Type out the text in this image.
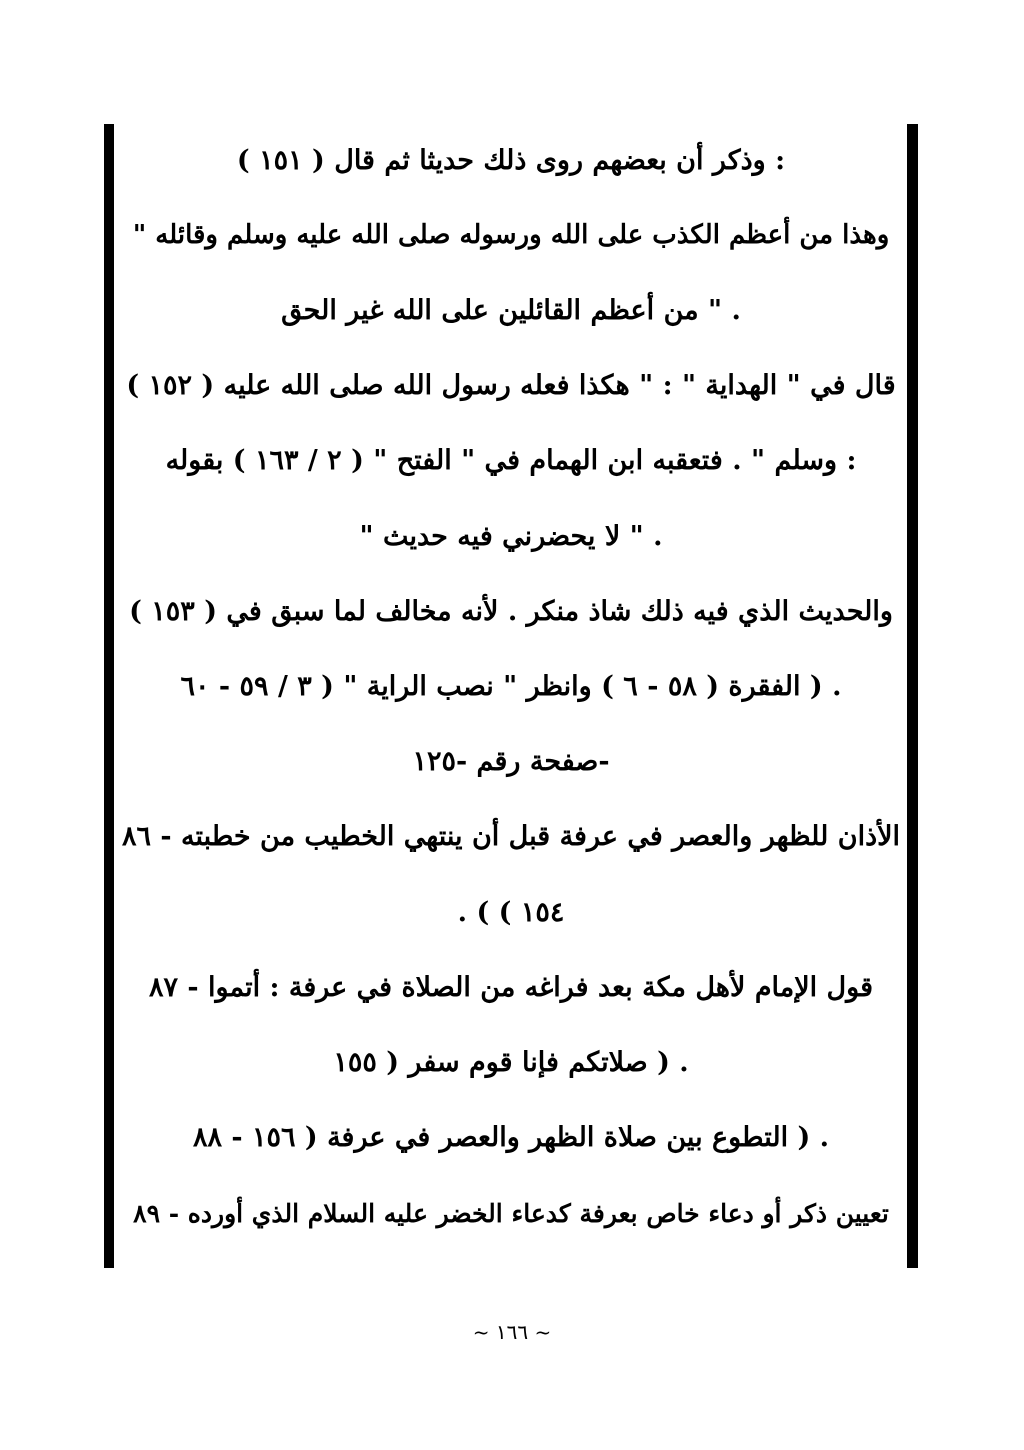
: وذكر أن بعضهم روى ذلك حديثا ثم قال ( ١٥١ )
وهذا من أعظم الكذب على الله ورسوله صلى الله عليه وسلم وقائله "
. " من أعظم القائلين على الله غير الحق
قال في " الهداية " : " هكذا فعله رسول الله صلى الله عليه ( ١٥٢ )
: وسلم " . فتعقبه ابن الهمام في " الفتح " ( ٢ / ١٦٣ ) بقوله
. " لا يحضرني فيه حديث "
والحديث الذي فيه ذلك شاذ منكر . لأنه مخالف لما سبق في ( ١٥٣ )
. ( الفقرة ( ٥٨ - ٦ ) وانظر " نصب الراية " ( ٣ / ٥٩ - ٦٠
-صفحة رقم -١٢٥
الأذان للظهر والعصر في عرفة قبل أن ينتهي الخطيب من خطبته - ٨٦
. ( ( ١٥٤
قول الإمام لأهل مكة بعد فراغه من الصلاة في عرفة : أتموا - ٨٧
. ( صلاتكم فإنا قوم سفر ( ١٥٥
. ( التطوع بين صلاة الظهر والعصر في عرفة ( ١٥٦ - ٨٨
تعيين ذكر أو دعاء خاص بعرفة كدعاء الخضر عليه السلام الذي أورده - ٨٩
~ ١٦٦ ~
